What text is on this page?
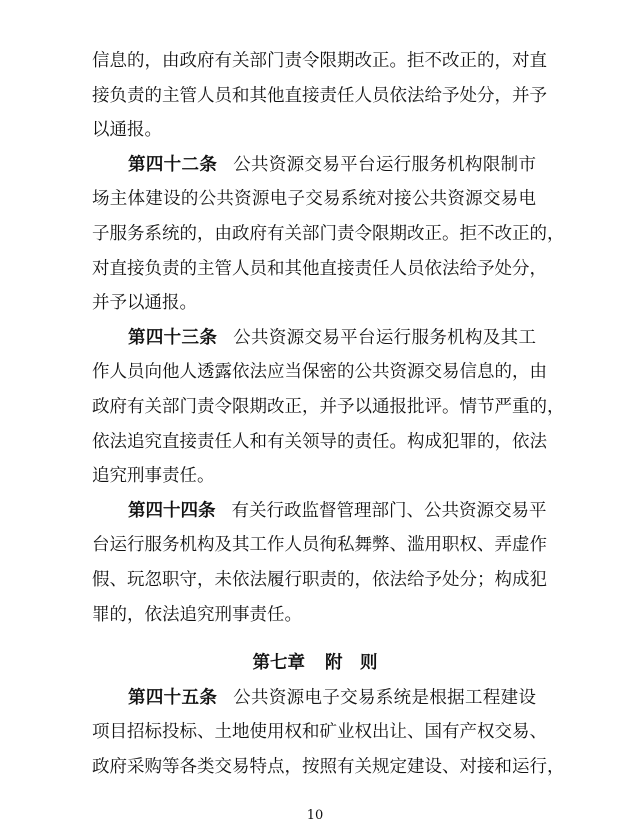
信息的，由政府有关部门责令限期改正。拒不改正的，对直
接负责的主管人员和其他直接责任人员依法给予处分，并予
以通报。
第四十二条 公共资源交易平台运行服务机构限制市
场主体建设的公共资源电子交易系统对接公共资源交易电
子服务系统的，由政府有关部门责令限期改正。拒不改正的，
对直接负责的主管人员和其他直接责任人员依法给予处分，
并予以通报。
第四十三条 公共资源交易平台运行服务机构及其工
作人员向他人透露依法应当保密的公共资源交易信息的，由
政府有关部门责令限期改正，并予以通报批评。情节严重的，
依法追究直接责任人和有关领导的责任。构成犯罪的，依法
追究刑事责任。
第四十四条 有关行政监督管理部门、公共资源交易平
台运行服务机构及其工作人员徇私舞弊、滥用职权、弄虚作
假、玩忽职守，未依法履行职责的，依法给予处分；构成犯
罪的，依法追究刑事责任。
第七章 附　则
第四十五条 公共资源电子交易系统是根据工程建设
项目招标投标、土地使用权和矿业权出让、国有产权交易、
政府采购等各类交易特点，按照有关规定建设、对接和运行，
10
